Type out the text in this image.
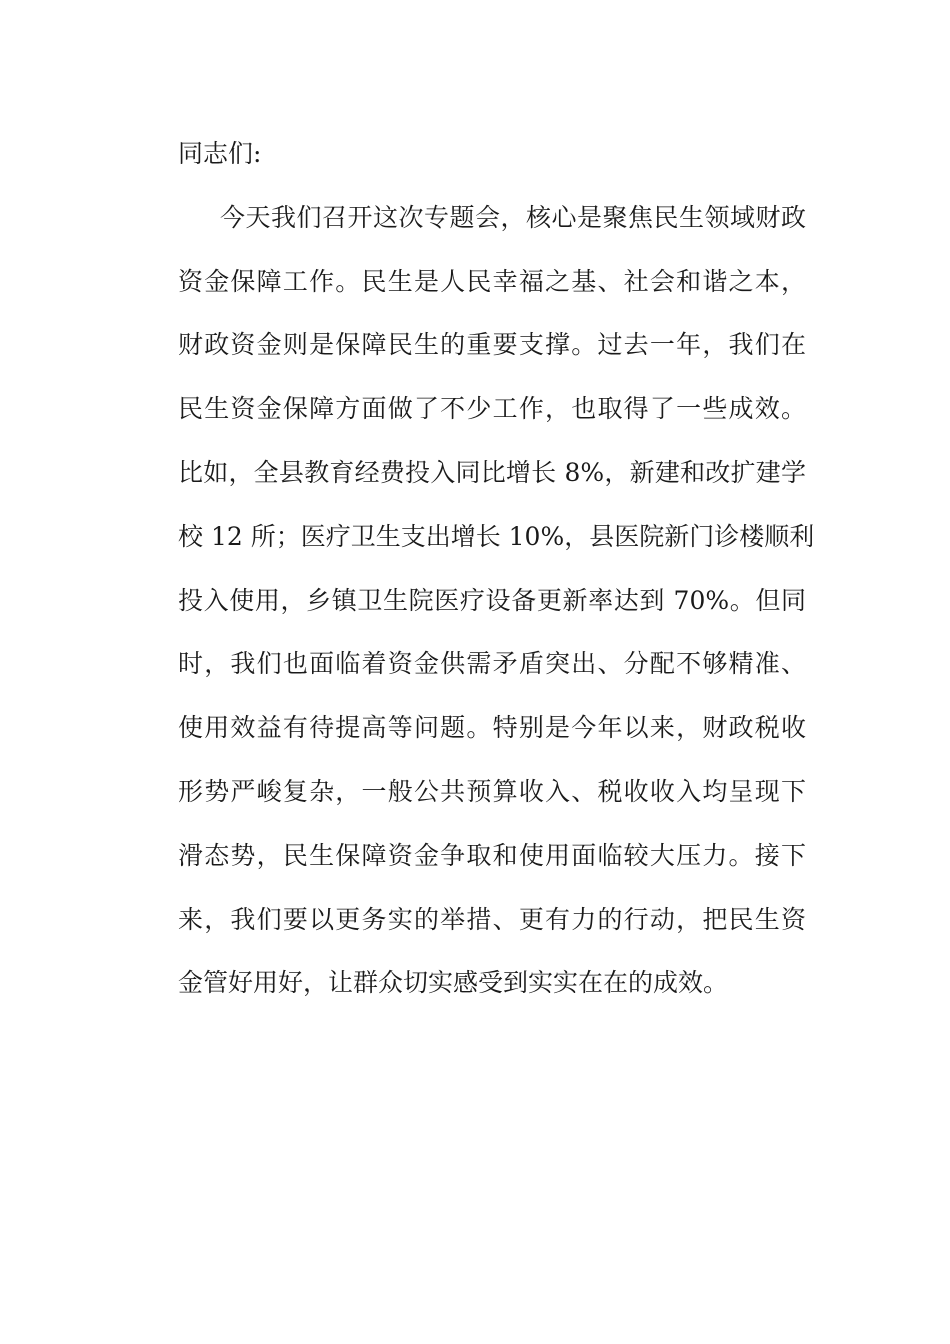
同志们:
今天我们召开这次专题会，核心是聚焦民生领域财政
资金保障工作。民生是人民幸福之基、社会和谐之本，
财政资金则是保障民生的重要支撑。过去一年，我们在
民生资金保障方面做了不少工作，也取得了一些成效。
比如，全县教育经费投入同比增长 8%，新建和改扩建学
校 12 所；医疗卫生支出增长 10%，县医院新门诊楼顺利
投入使用，乡镇卫生院医疗设备更新率达到 70%。但同
时，我们也面临着资金供需矛盾突出、分配不够精准、
使用效益有待提高等问题。特别是今年以来，财政税收
形势严峻复杂，一般公共预算收入、税收收入均呈现下
滑态势，民生保障资金争取和使用面临较大压力。接下
来，我们要以更务实的举措、更有力的行动，把民生资
金管好用好，让群众切实感受到实实在在的成效。
